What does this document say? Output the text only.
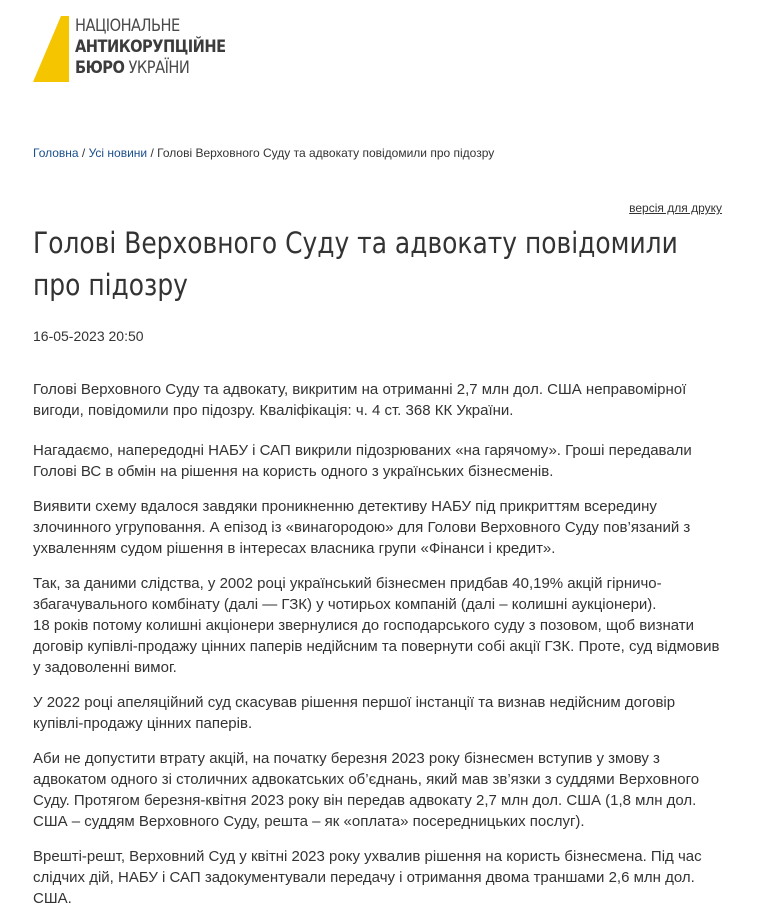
НАЦІОНАЛЬНЕ
АНТИКОРУПЦІЙНЕ
БЮРО УКРАЇНИ
Головна / Усі новини / Голові Верховного Суду та адвокату повідомили про підозру
версія для друку
Голові Верховного Суду та адвокату повідомили про підозру
16-05-2023 20:50

Голові Верховного Суду та адвокату, викритим на отриманні 2,7 млн дол. США неправомірної вигоди, повідомили про підозру. Кваліфікація: ч. 4 ст. 368 КК України.

Нагадаємо, напередодні НАБУ і САП викрили підозрюваних «на гарячому». Гроші передавали Голові ВС в обмін на рішення на користь одного з українських бізнесменів.

Виявити схему вдалося завдяки проникненню детективу НАБУ під прикриттям всередину злочинного угруповання. А епізод із «винагородою» для Голови Верховного Суду пов’язаний з ухваленням судом рішення в інтересах власника групи «Фінанси і кредит».

Так, за даними слідства, у 2002 році український бізнесмен придбав 40,19% акцій гірничо-збагачувального комбінату (далі — ГЗК) у чотирьох компаній (далі – колишні аукціонери).
18 років потому колишні акціонери звернулися до господарського суду з позовом, щоб визнати договір купівлі-продажу цінних паперів недійсним та повернути собі акції ГЗК. Проте, суд відмовив у задоволенні вимог.

У 2022 році апеляційний суд скасував рішення першої інстанції та визнав недійсним договір купівлі-продажу цінних паперів.

Аби не допустити втрату акцій, на початку березня 2023 року бізнесмен вступив у змову з адвокатом одного зі столичних адвокатських об’єднань, який мав зв’язки з суддями Верховного Суду. Протягом березня-квітня 2023 року він передав адвокату 2,7 млн дол. США (1,8 млн дол. США – суддям Верховного Суду, решта – як «оплата» посередницьких послуг).

Врешті-решт, Верховний Суд у квітні 2023 року ухвалив рішення на користь бізнесмена. Під час слідчих дій, НАБУ і САП задокументували передачу і отримання двома траншами 2,6 млн дол. США.
